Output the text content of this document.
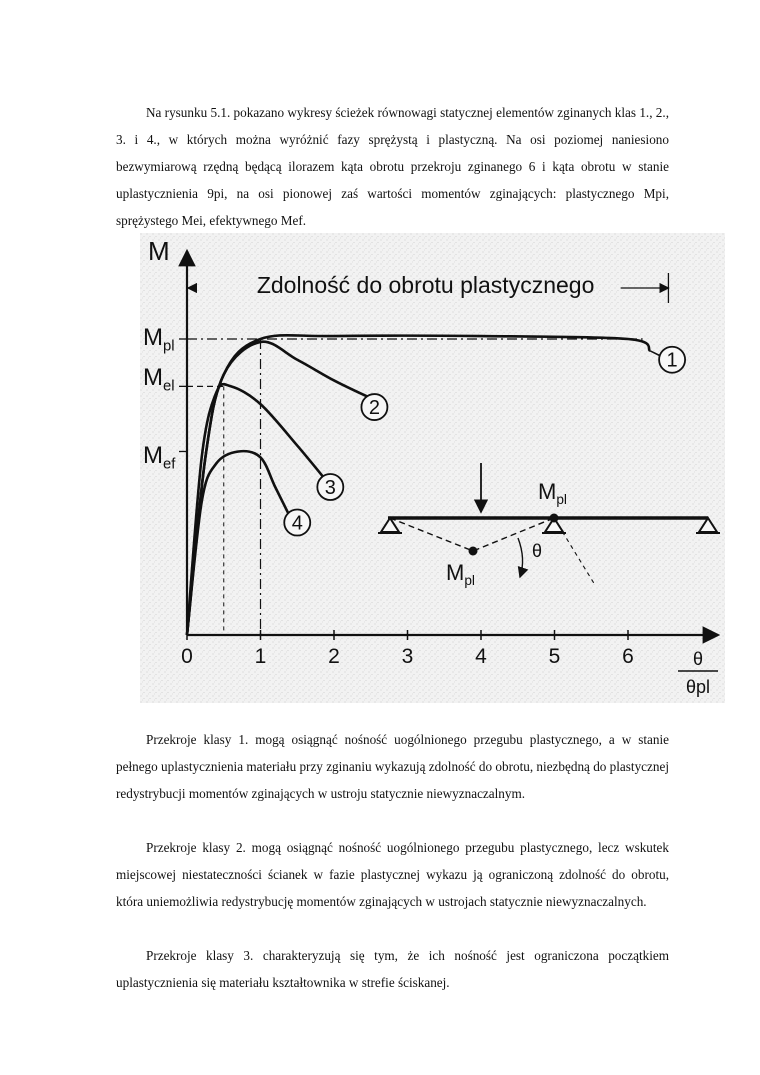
Na rysunku 5.1. pokazano wykresy ścieżek równowagi statycznej elementów zginanych klas 1., 2., 3. i 4., w których można wyróżnić fazy sprężystą i plastyczną. Na osi poziomej naniesiono bezwymiarową rzędną będącą ilorazem kąta obrotu przekroju zginanego 6 i kąta obrotu w stanie uplastycznienia 9pi, na osi pionowej zaś wartości momentów zginających: plastycznego Mpi, sprężystego Mei, efektywnego Mef.

M
θ
θpl
0	1	2	3	4	5	6
$M_{pl}$
$M_{el}$
$M_{ef}$
Zdolność do obrotu plastycznego
1
2
3
4
$M_{pl}$
$M_{pl}$
θ

Przekroje klasy 1. mogą osiągnąć nośność uogólnionego przegubu plastycznego, a w stanie pełnego uplastycznienia materiału przy zginaniu wykazują zdolność do obrotu, niezbędną do plastycznej redystrybucji momentów zginających w ustroju statycznie niewyznaczalnym.

Przekroje klasy 2. mogą osiągnąć nośność uogólnionego przegubu plastycznego, lecz wskutek miejscowej niestateczności ścianek w fazie plastycznej wykazu ją ograniczoną zdolność do obrotu, która uniemożliwia redystrybucję momentów zginających w ustrojach statycznie niewyznaczalnych.

Przekroje klasy 3. charakteryzują się tym, że ich nośność jest ograniczona początkiem uplastycznienia się materiału kształtownika w strefie ściskanej.
